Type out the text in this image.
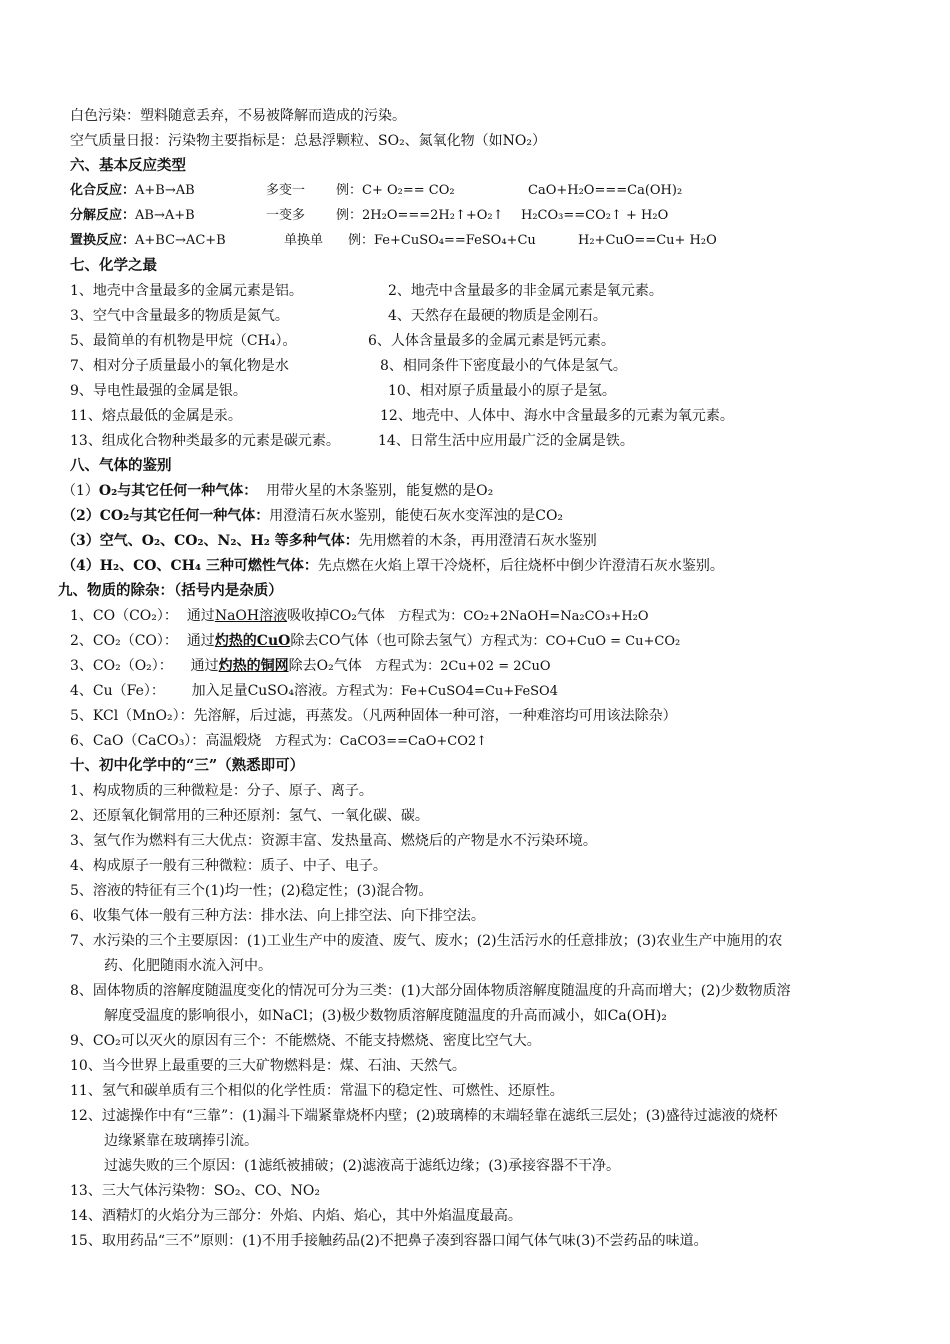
白色污染：塑料随意丢弃，不易被降解而造成的污染。
空气质量日报：污染物主要指标是：总悬浮颗粒、SO₂、氮氧化物（如NO₂）
六、基本反应类型
化合反应：A+B→AB	多变一 例：C+ O₂== CO₂	CaO+H₂O===Ca(OH)₂
分解反应：AB→A+B	一变多 例：2H₂O===2H₂↑+O₂↑ H₂CO₃==CO₂↑ + H₂O
置换反应：A+BC→AC+B	单换单 例：Fe+CuSO₄==FeSO₄+Cu	H₂+CuO==Cu+ H₂O
七、化学之最
1、地壳中含量最多的金属元素是铝。	2、地壳中含量最多的非金属元素是氧元素。
3、空气中含量最多的物质是氮气。	4、天然存在最硬的物质是金刚石。
5、最简单的有机物是甲烷（CH₄）。	6、人体含量最多的金属元素是钙元素。
7、相对分子质量最小的氧化物是水	8、相同条件下密度最小的气体是氢气。
9、导电性最强的金属是银。	10、相对原子质量最小的原子是氢。
11、熔点最低的金属是汞。	12、地壳中、人体中、海水中含量最多的元素为氧元素。
13、组成化合物种类最多的元素是碳元素。	14、日常生活中应用最广泛的金属是铁。
八、气体的鉴别
（1）O₂与其它任何一种气体： 用带火星的木条鉴别，能复燃的是O₂
（2）CO₂与其它任何一种气体：用澄清石灰水鉴别，能使石灰水变浑浊的是CO₂
（3）空气、O₂、CO₂、N₂、H₂ 等多种气体：先用燃着的木条，再用澄清石灰水鉴别
（4）H₂、CO、CH₄ 三种可燃性气体：先点燃在火焰上罩干冷烧杯，后往烧杯中倒少许澄清石灰水鉴别。
九、物质的除杂：（括号内是杂质）
1、CO（CO₂）： 通过NaOH溶液吸收掉CO₂气体 方程式为：CO₂+2NaOH=Na₂CO₃+H₂O
2、CO₂（CO）： 通过灼热的CuO除去CO气体（也可除去氢气）方程式为：CO+CuO = Cu+CO₂
3、CO₂（O₂）： 通过灼热的铜网除去O₂气体 方程式为：2Cu+02 = 2CuO
4、Cu（Fe）： 加入足量CuSO₄溶液。方程式为：Fe+CuSO4=Cu+FeSO4
5、KCl（MnO₂）：先溶解，后过滤，再蒸发。（凡两种固体一种可溶，一种难溶均可用该法除杂）
6、CaO（CaCO₃）：高温煅烧 方程式为：CaCO3==CaO+CO2↑
十、初中化学中的“三”（熟悉即可）
1、构成物质的三种微粒是：分子、原子、离子。
2、还原氧化铜常用的三种还原剂：氢气、一氧化碳、碳。
3、氢气作为燃料有三大优点：资源丰富、发热量高、燃烧后的产物是水不污染环境。
4、构成原子一般有三种微粒：质子、中子、电子。
5、溶液的特征有三个(1)均一性；(2)稳定性；(3)混合物。
6、收集气体一般有三种方法：排水法、向上排空法、向下排空法。
7、水污染的三个主要原因：(1)工业生产中的废渣、废气、废水；(2)生活污水的任意排放；(3)农业生产中施用的农
药、化肥随雨水流入河中。
8、固体物质的溶解度随温度变化的情况可分为三类：(1)大部分固体物质溶解度随温度的升高而增大；(2)少数物质溶
解度受温度的影响很小，如NaCl；(3)极少数物质溶解度随温度的升高而减小，如Ca(OH)₂
9、CO₂可以灭火的原因有三个：不能燃烧、不能支持燃烧、密度比空气大。
10、当今世界上最重要的三大矿物燃料是：煤、石油、天然气。
11、氢气和碳单质有三个相似的化学性质：常温下的稳定性、可燃性、还原性。
12、过滤操作中有“三靠”：(1)漏斗下端紧靠烧杯内壁；(2)玻璃棒的末端轻靠在滤纸三层处；(3)盛待过滤液的烧杯
边缘紧靠在玻璃捧引流。
过滤失败的三个原因：(1滤纸被捕破；(2)滤液高于滤纸边缘；(3)承接容器不干净。
13、三大气体污染物：SO₂、CO、NO₂
14、酒精灯的火焰分为三部分：外焰、内焰、焰心，其中外焰温度最高。
15、取用药品“三不”原则：(1)不用手接触药品(2)不把鼻子凑到容器口闻气体气味(3)不尝药品的味道。
